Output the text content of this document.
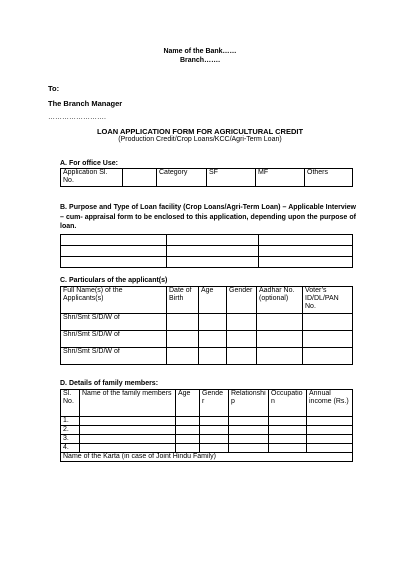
Name of the Bank……
Branch…….
To:
The Branch Manager
…………………….
LOAN APPLICATION FORM FOR AGRICULTURAL CREDIT
(Production Credit/Crop Loans/KCC/Agri-Term Loan)
A. For office Use:
Application Sl. No.		Category	SF	MF	Others
B. Purpose and Type of Loan facility (Crop Loans/Agri-Term Loan) – Applicable Interview – cum- appraisal form to be enclosed to this application, depending upon the purpose of loan.

C. Particulars of the applicant(s)
Full Name(s) of the Applicants(s)	Date of Birth	Age	Gender	Aadhar No. (optional)	Voter’s ID/DL/PAN No.
Shri/Smt S/D/W of					
Shri/Smt S/D/W of					
Shri/Smt S/D/W of					
D. Details of family members:
Sl. No.	Name of the family members	Age	Gende r	Relationshi p	Occupatio n	Annual income (Rs.)
1.						
2.						
3.						
4.						
Name of the Karta (in case of Joint Hindu Family)						
